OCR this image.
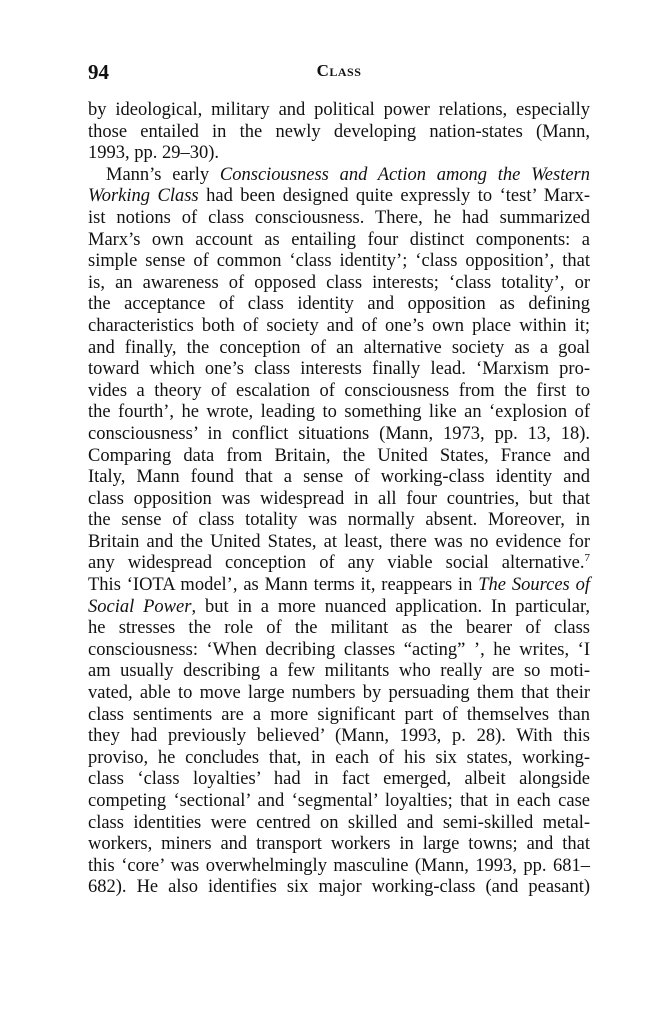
94	Class
by ideological, military and political power relations, especially
those entailed in the newly developing nation-states (Mann,
1993, pp. 29–30).
Mann’s early Consciousness and Action among the Western
Working Class had been designed quite expressly to ‘test’ Marx-
ist notions of class consciousness. There, he had summarized
Marx’s own account as entailing four distinct components: a
simple sense of common ‘class identity’; ‘class opposition’, that
is, an awareness of opposed class interests; ‘class totality’, or
the acceptance of class identity and opposition as defining
characteristics both of society and of one’s own place within it;
and finally, the conception of an alternative society as a goal
toward which one’s class interests finally lead. ‘Marxism pro-
vides a theory of escalation of consciousness from the first to
the fourth’, he wrote, leading to something like an ‘explosion of
consciousness’ in conflict situations (Mann, 1973, pp. 13, 18).
Comparing data from Britain, the United States, France and
Italy, Mann found that a sense of working-class identity and
class opposition was widespread in all four countries, but that
the sense of class totality was normally absent. Moreover, in
Britain and the United States, at least, there was no evidence for
any widespread conception of any viable social alternative.$^7$
This ‘IOTA model’, as Mann terms it, reappears in The Sources of
Social Power, but in a more nuanced application. In particular,
he stresses the role of the militant as the bearer of class
consciousness: ‘When decribing classes “acting” ’, he writes, ‘I
am usually describing a few militants who really are so moti-
vated, able to move large numbers by persuading them that their
class sentiments are a more significant part of themselves than
they had previously believed’ (Mann, 1993, p. 28). With this
proviso, he concludes that, in each of his six states, working-
class ‘class loyalties’ had in fact emerged, albeit alongside
competing ‘sectional’ and ‘segmental’ loyalties; that in each case
class identities were centred on skilled and semi-skilled metal-
workers, miners and transport workers in large towns; and that
this ‘core’ was overwhelmingly masculine (Mann, 1993, pp. 681–
682). He also identifies six major working-class (and peasant)
